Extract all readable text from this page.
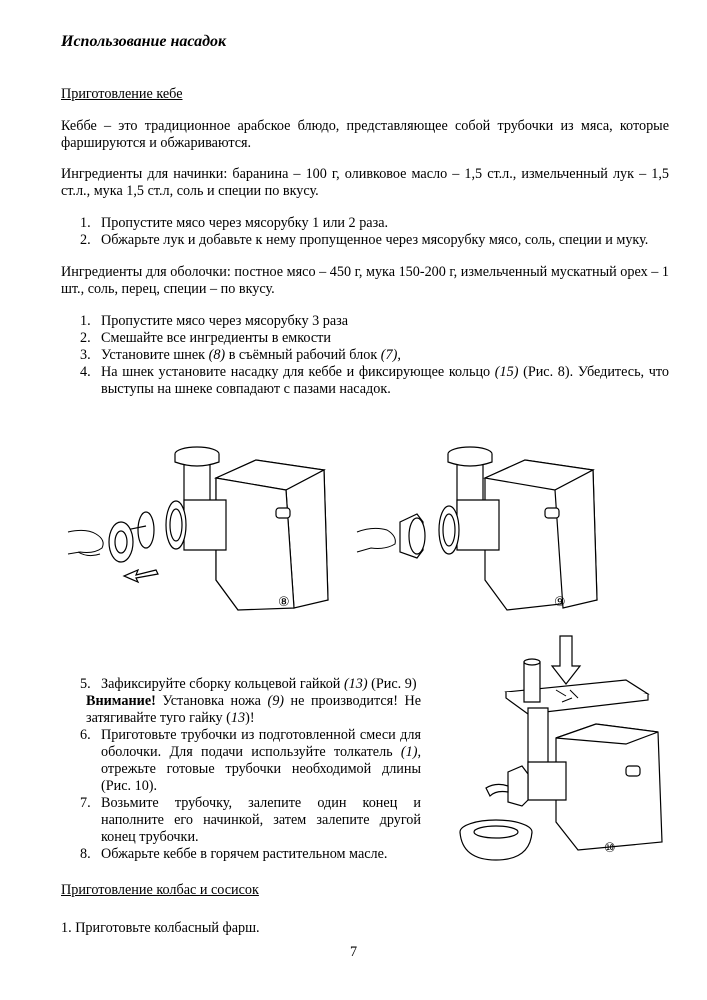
Использование насадок
Приготовление кебе
Кеббе – это традиционное арабское блюдо, представляющее собой трубочки из мяса, которые фаршируются и обжариваются.
Ингредиенты для начинки: баранина – 100 г, оливковое масло – 1,5 ст.л., измельченный лук – 1,5 ст.л., мука 1,5 ст.л, соль и специи по вкусу.
1. Пропустите мясо через мясорубку 1 или 2 раза.
2. Обжарьте лук и добавьте к нему пропущенное через мясорубку мясо, соль, специи и муку.
Ингредиенты для оболочки: постное мясо – 450 г, мука 150-200 г, измельченный мускатный орех – 1 шт., соль, перец, специи – по вкусу.
1. Пропустите мясо через мясорубку 3 раза
2. Смешайте все ингредиенты в емкости
3. Установите шнек (8) в съёмный рабочий блок (7),
4. На шнек установите насадку для кеббе и фиксирующее кольцо (15) (Рис. 8). Убедитесь, что выступы на шнеке совпадают с пазами насадок.
⑧	⑨
5. Зафиксируйте сборку кольцевой гайкой (13) (Рис. 9)
Внимание! Установка ножа (9) не производится! Не затягивайте туго гайку (13)!
6. Приготовьте трубочки из подготовленной смеси для оболочки. Для подачи используйте толкатель (1), отрежьте готовые трубочки необходимой длины (Рис. 10).
7. Возьмите трубочку, залепите один конец и наполните его начинкой, затем залепите другой конец трубочки.
8. Обжарьте кеббе в горячем растительном масле.	⑩
Приготовление колбас и сосисок
1. Приготовьте колбасный фарш.
7
